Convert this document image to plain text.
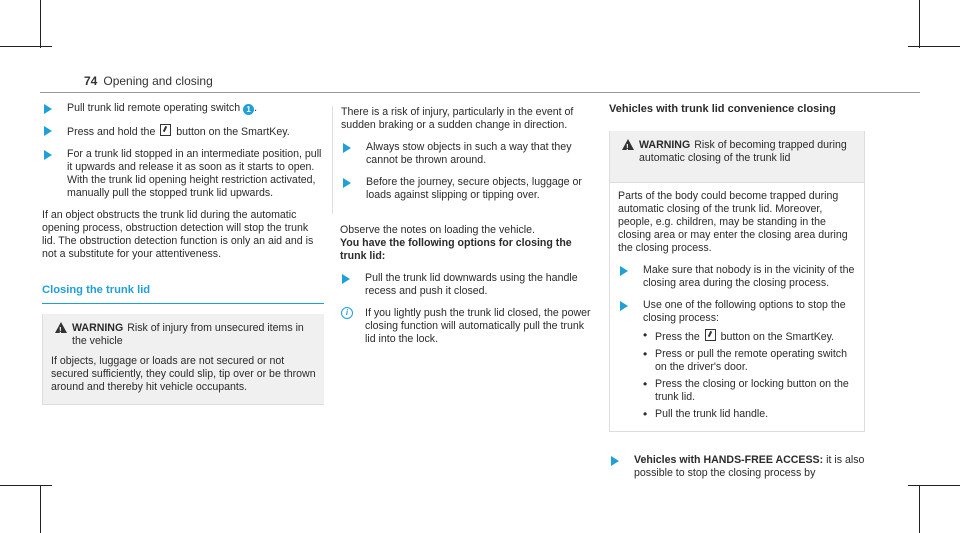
74 Opening and closing
Pull trunk lid remote operating switch 1 .
Press and hold the button on the SmartKey.
For a trunk lid stopped in an intermediate position, pull it upwards and release it as soon as it starts to open.
With the trunk lid opening height restriction activated, manually pull the stopped trunk lid upwards.

If an object obstructs the trunk lid during the automatic opening process, obstruction detection will stop the trunk lid. The obstruction detection function is only an aid and is not a substitute for your attentiveness.

Closing the trunk lid
!
WARNING Risk of injury from unsecured items in the vehicle
If objects, luggage or loads are not secured or not secured sufficiently, they could slip, tip over or be thrown around and thereby hit vehicle occupants.

There is a risk of injury, particularly in the event of sudden braking or a sudden change in direction.

Always stow objects in such a way that they cannot be thrown around.
Before the journey, secure objects, luggage or loads against slipping or tipping over.

Observe the notes on loading the vehicle.

You have the following options for closing the trunk lid:

Pull the trunk lid downwards using the handle recess and push it closed.
i	If you lightly push the trunk lid closed, the power closing function will automatically pull the trunk lid into the lock.
Vehicles with trunk lid convenience closing
!
WARNING Risk of becoming trapped during automatic closing of the trunk lid

Parts of the body could become trapped during automatic closing of the trunk lid. Moreover, people, e.g. children, may be standing in the closing area or may enter the closing area during the closing process.

Make sure that nobody is in the vicinity of the closing area during the closing process.
Use one of the following options to stop the closing process:
• Press the button on the SmartKey.
• Press or pull the remote operating switch on the driver's door.
• Press the closing or locking button on the trunk lid.
• Pull the trunk lid handle.
Vehicles with HANDS-FREE ACCESS: it is also possible to stop the closing process by
